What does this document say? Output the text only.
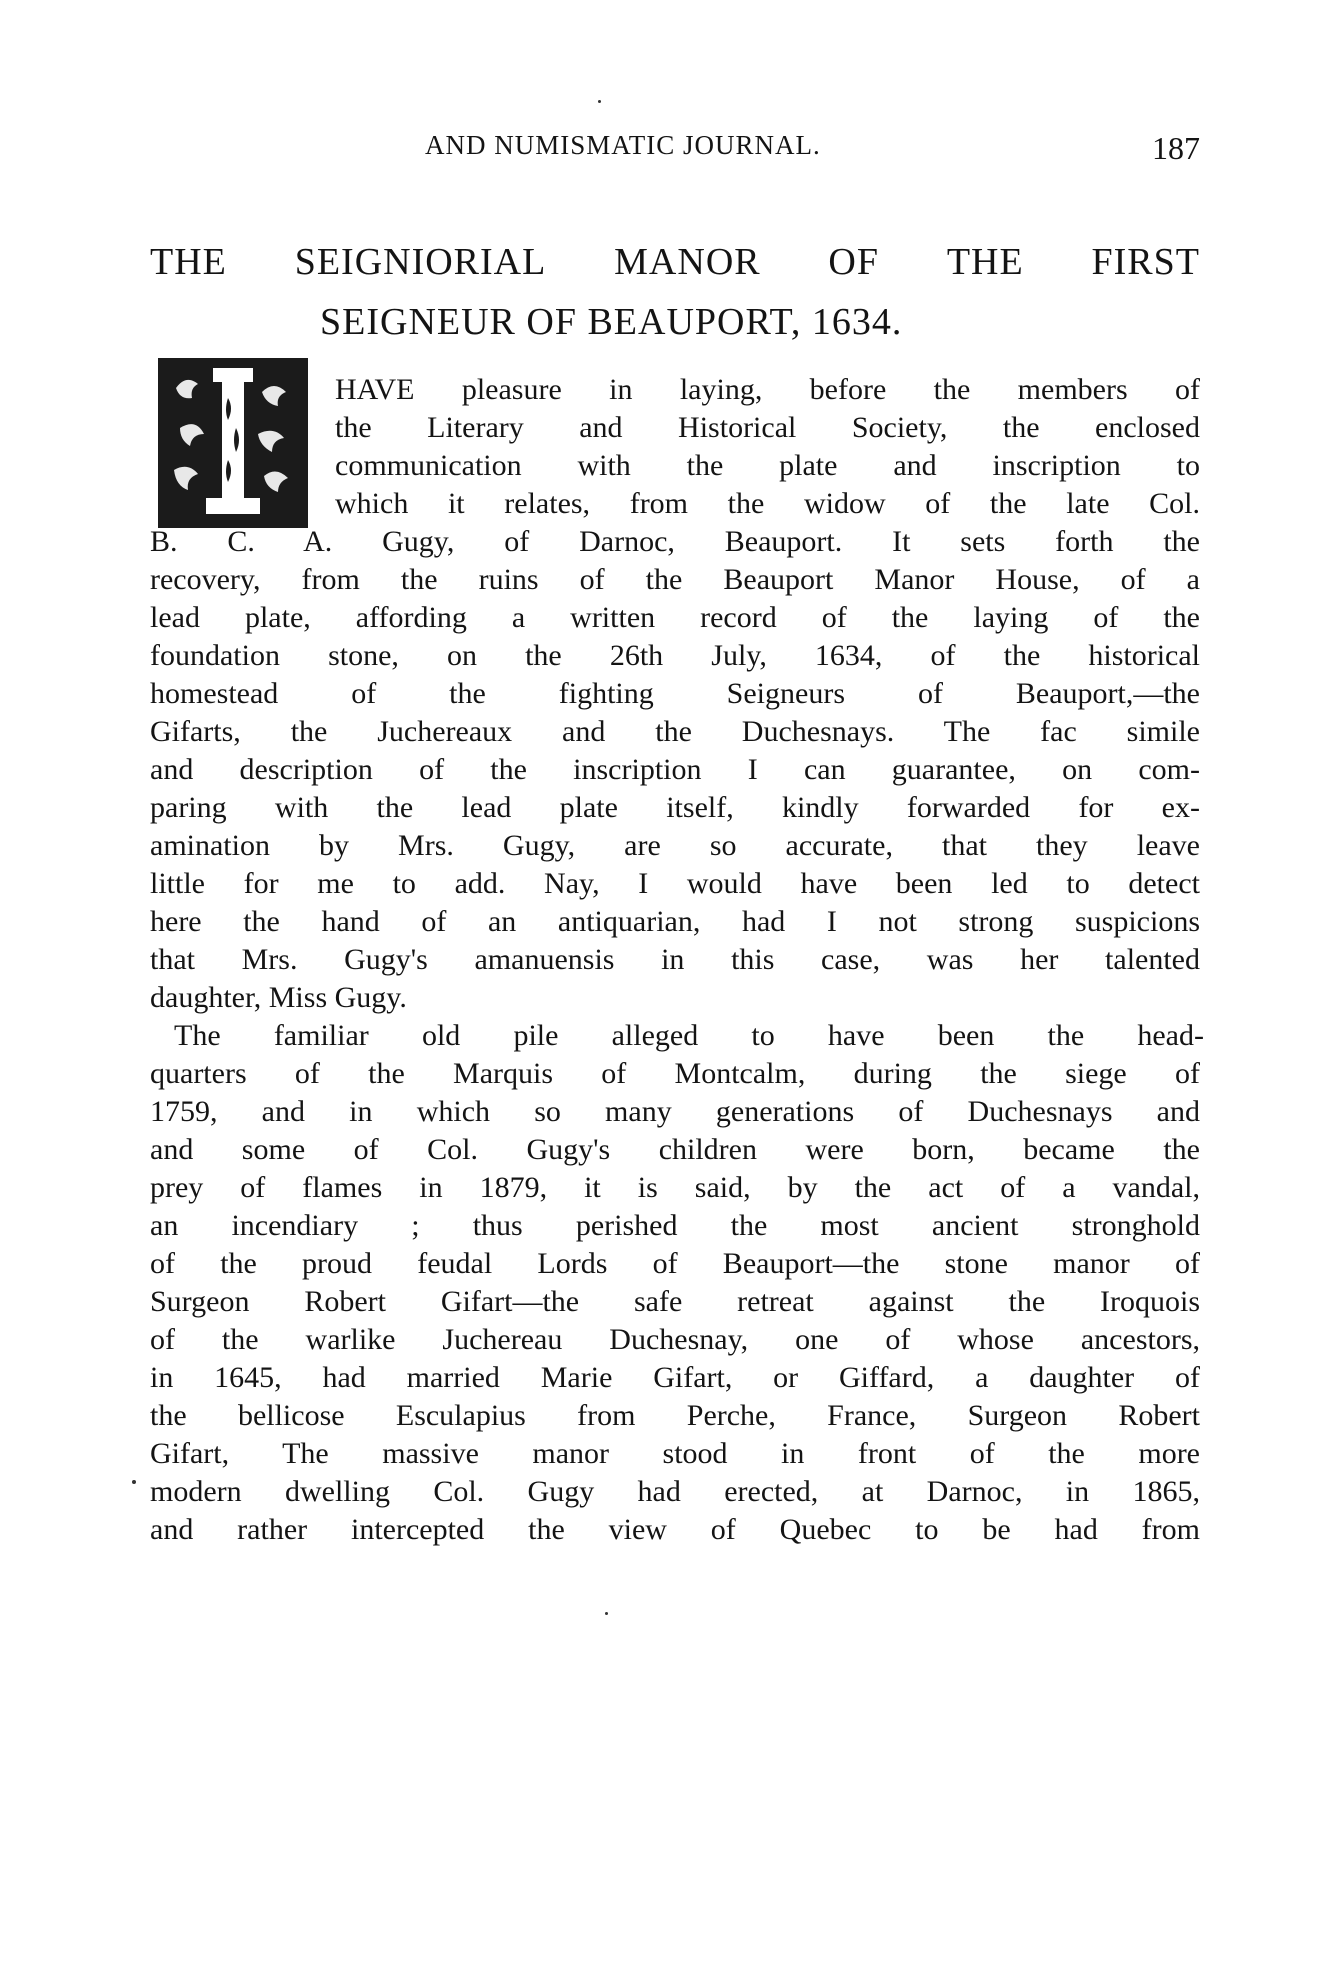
AND NUMISMATIC JOURNAL.	187
THE SEIGNIORIAL MANOR OF THE FIRST
SEIGNEUR OF BEAUPORT, 1634.
HAVE pleasure in laying, before the members of
the Literary and Historical Society, the enclosed
communication with the plate and inscription to
which it relates, from the widow of the late Col.
B. C. A. Gugy, of Darnoc, Beauport. It sets forth the
recovery, from the ruins of the Beauport Manor House, of a
lead plate, affording a written record of the laying of the
foundation stone, on the 26th July, 1634, of the historical
homestead of the fighting Seigneurs of Beauport,—the
Gifarts, the Juchereaux and the Duchesnays. The fac simile
and description of the inscription I can guarantee, on com-
paring with the lead plate itself, kindly forwarded for ex-
amination by Mrs. Gugy, are so accurate, that they leave
little for me to add. Nay, I would have been led to detect
here the hand of an antiquarian, had I not strong suspicions
that Mrs. Gugy's amanuensis in this case, was her talented
daughter, Miss Gugy.
The familiar old pile alleged to have been the head-
quarters of the Marquis of Montcalm, during the siege of
1759, and in which so many generations of Duchesnays and
and some of Col. Gugy's children were born, became the
prey of flames in 1879, it is said, by the act of a vandal,
an incendiary ; thus perished the most ancient stronghold
of the proud feudal Lords of Beauport—the stone manor of
Surgeon Robert Gifart—the safe retreat against the Iroquois
of the warlike Juchereau Duchesnay, one of whose ancestors,
in 1645, had married Marie Gifart, or Giffard, a daughter of
the bellicose Esculapius from Perche, France, Surgeon Robert
Gifart, The massive manor stood in front of the more
modern dwelling Col. Gugy had erected, at Darnoc, in 1865,
and rather intercepted the view of Quebec to be had from
